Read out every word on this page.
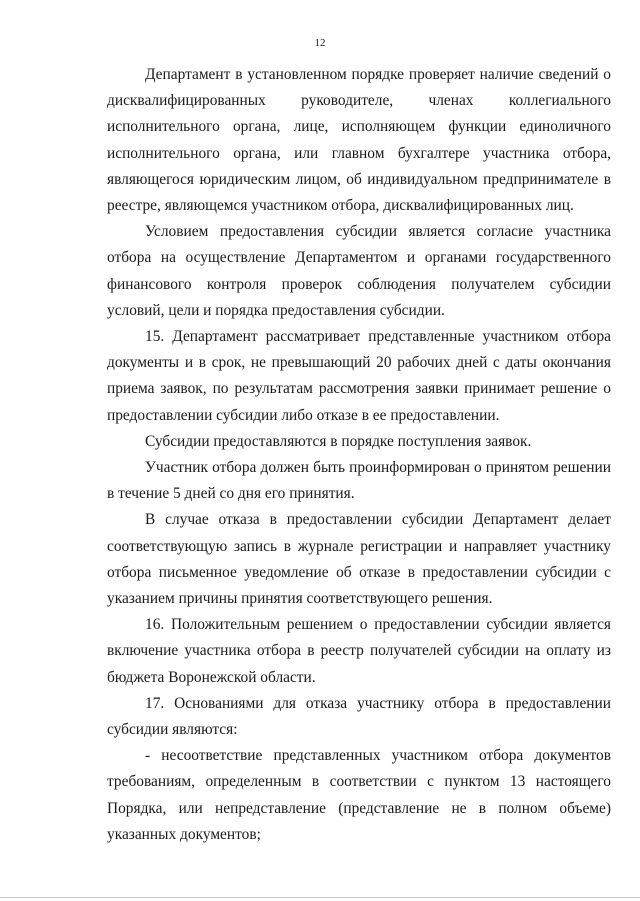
12

Департамент в установленном порядке проверяет наличие сведений о дисквалифицированных руководителе, членах коллегиального исполнительного органа, лице, исполняющем функции единоличного исполнительного органа, или главном бухгалтере участника отбора, являющегося юридическим лицом, об индивидуальном предпринимателе в реестре, являющемся участником отбора, дисквалифицированных лиц.

Условием предоставления субсидии является согласие участника отбора на осуществление Департаментом и органами государственного финансового контроля проверок соблюдения получателем субсидии условий, цели и порядка предоставления субсидии.

15. Департамент рассматривает представленные участником отбора документы и в срок, не превышающий 20 рабочих дней с даты окончания приема заявок, по результатам рассмотрения заявки принимает решение о предоставлении субсидии либо отказе в ее предоставлении.

Субсидии предоставляются в порядке поступления заявок.

Участник отбора должен быть проинформирован о принятом решении в течение 5 дней со дня его принятия.

В случае отказа в предоставлении субсидии Департамент делает соответствующую запись в журнале регистрации и направляет участнику отбора письменное уведомление об отказе в предоставлении субсидии с указанием причины принятия соответствующего решения.

16. Положительным решением о предоставлении субсидии является включение участника отбора в реестр получателей субсидии на оплату из бюджета Воронежской области.

17. Основаниями для отказа участнику отбора в предоставлении субсидии являются:

- несоответствие представленных участником отбора документов требованиям, определенным в соответствии с пунктом 13 настоящего Порядка, или непредставление (представление не в полном объеме) указанных документов;
